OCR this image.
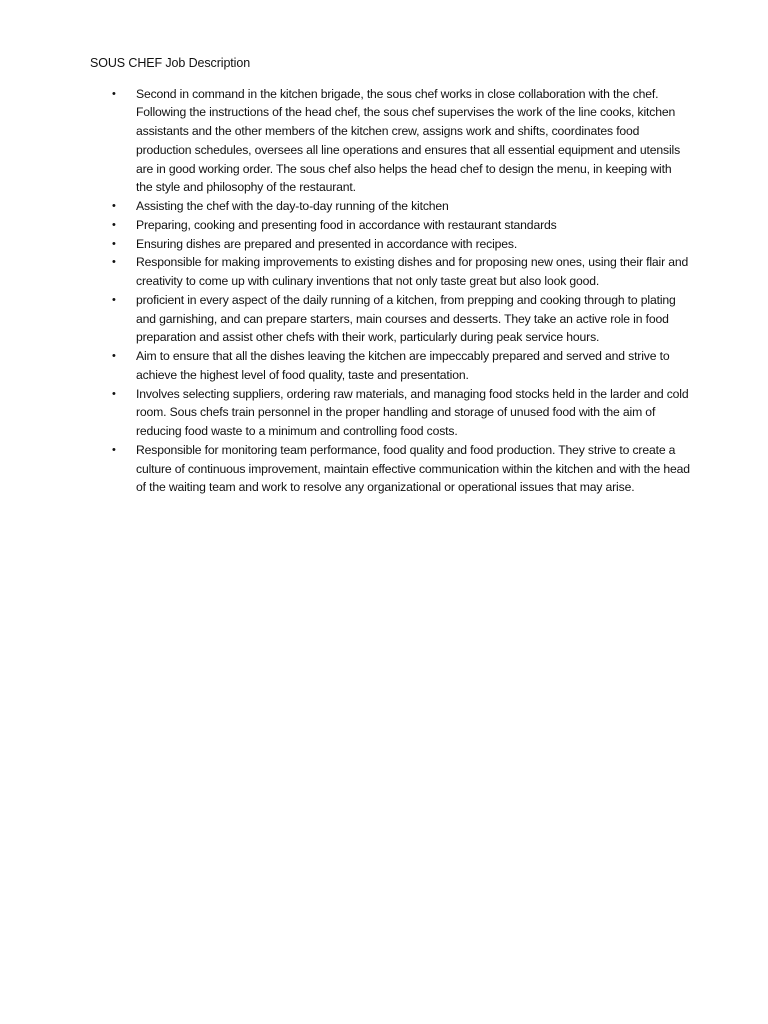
SOUS CHEF Job Description
•	Second in command in the kitchen brigade, the sous chef works in close collaboration with the chef. Following the instructions of the head chef, the sous chef supervises the work of the line cooks, kitchen assistants and the other members of the kitchen crew, assigns work and shifts, coordinates food production schedules, oversees all line operations and ensures that all essential equipment and utensils are in good working order. The sous chef also helps the head chef to design the menu, in keeping with the style and philosophy of the restaurant.
•	Assisting the chef with the day-to-day running of the kitchen
•	Preparing, cooking and presenting food in accordance with restaurant standards
•	Ensuring dishes are prepared and presented in accordance with recipes.
•	Responsible for making improvements to existing dishes and for proposing new ones, using their flair and creativity to come up with culinary inventions that not only taste great but also look good.
•	proficient in every aspect of the daily running of a kitchen, from prepping and cooking through to plating and garnishing, and can prepare starters, main courses and desserts. They take an active role in food preparation and assist other chefs with their work, particularly during peak service hours.
•	Aim to ensure that all the dishes leaving the kitchen are impeccably prepared and served and strive to achieve the highest level of food quality, taste and presentation.
•	Involves selecting suppliers, ordering raw materials, and managing food stocks held in the larder and cold room. Sous chefs train personnel in the proper handling and storage of unused food with the aim of reducing food waste to a minimum and controlling food costs.
•	Responsible for monitoring team performance, food quality and food production. They strive to create a culture of continuous improvement, maintain effective communication within the kitchen and with the head of the waiting team and work to resolve any organizational or operational issues that may arise.
